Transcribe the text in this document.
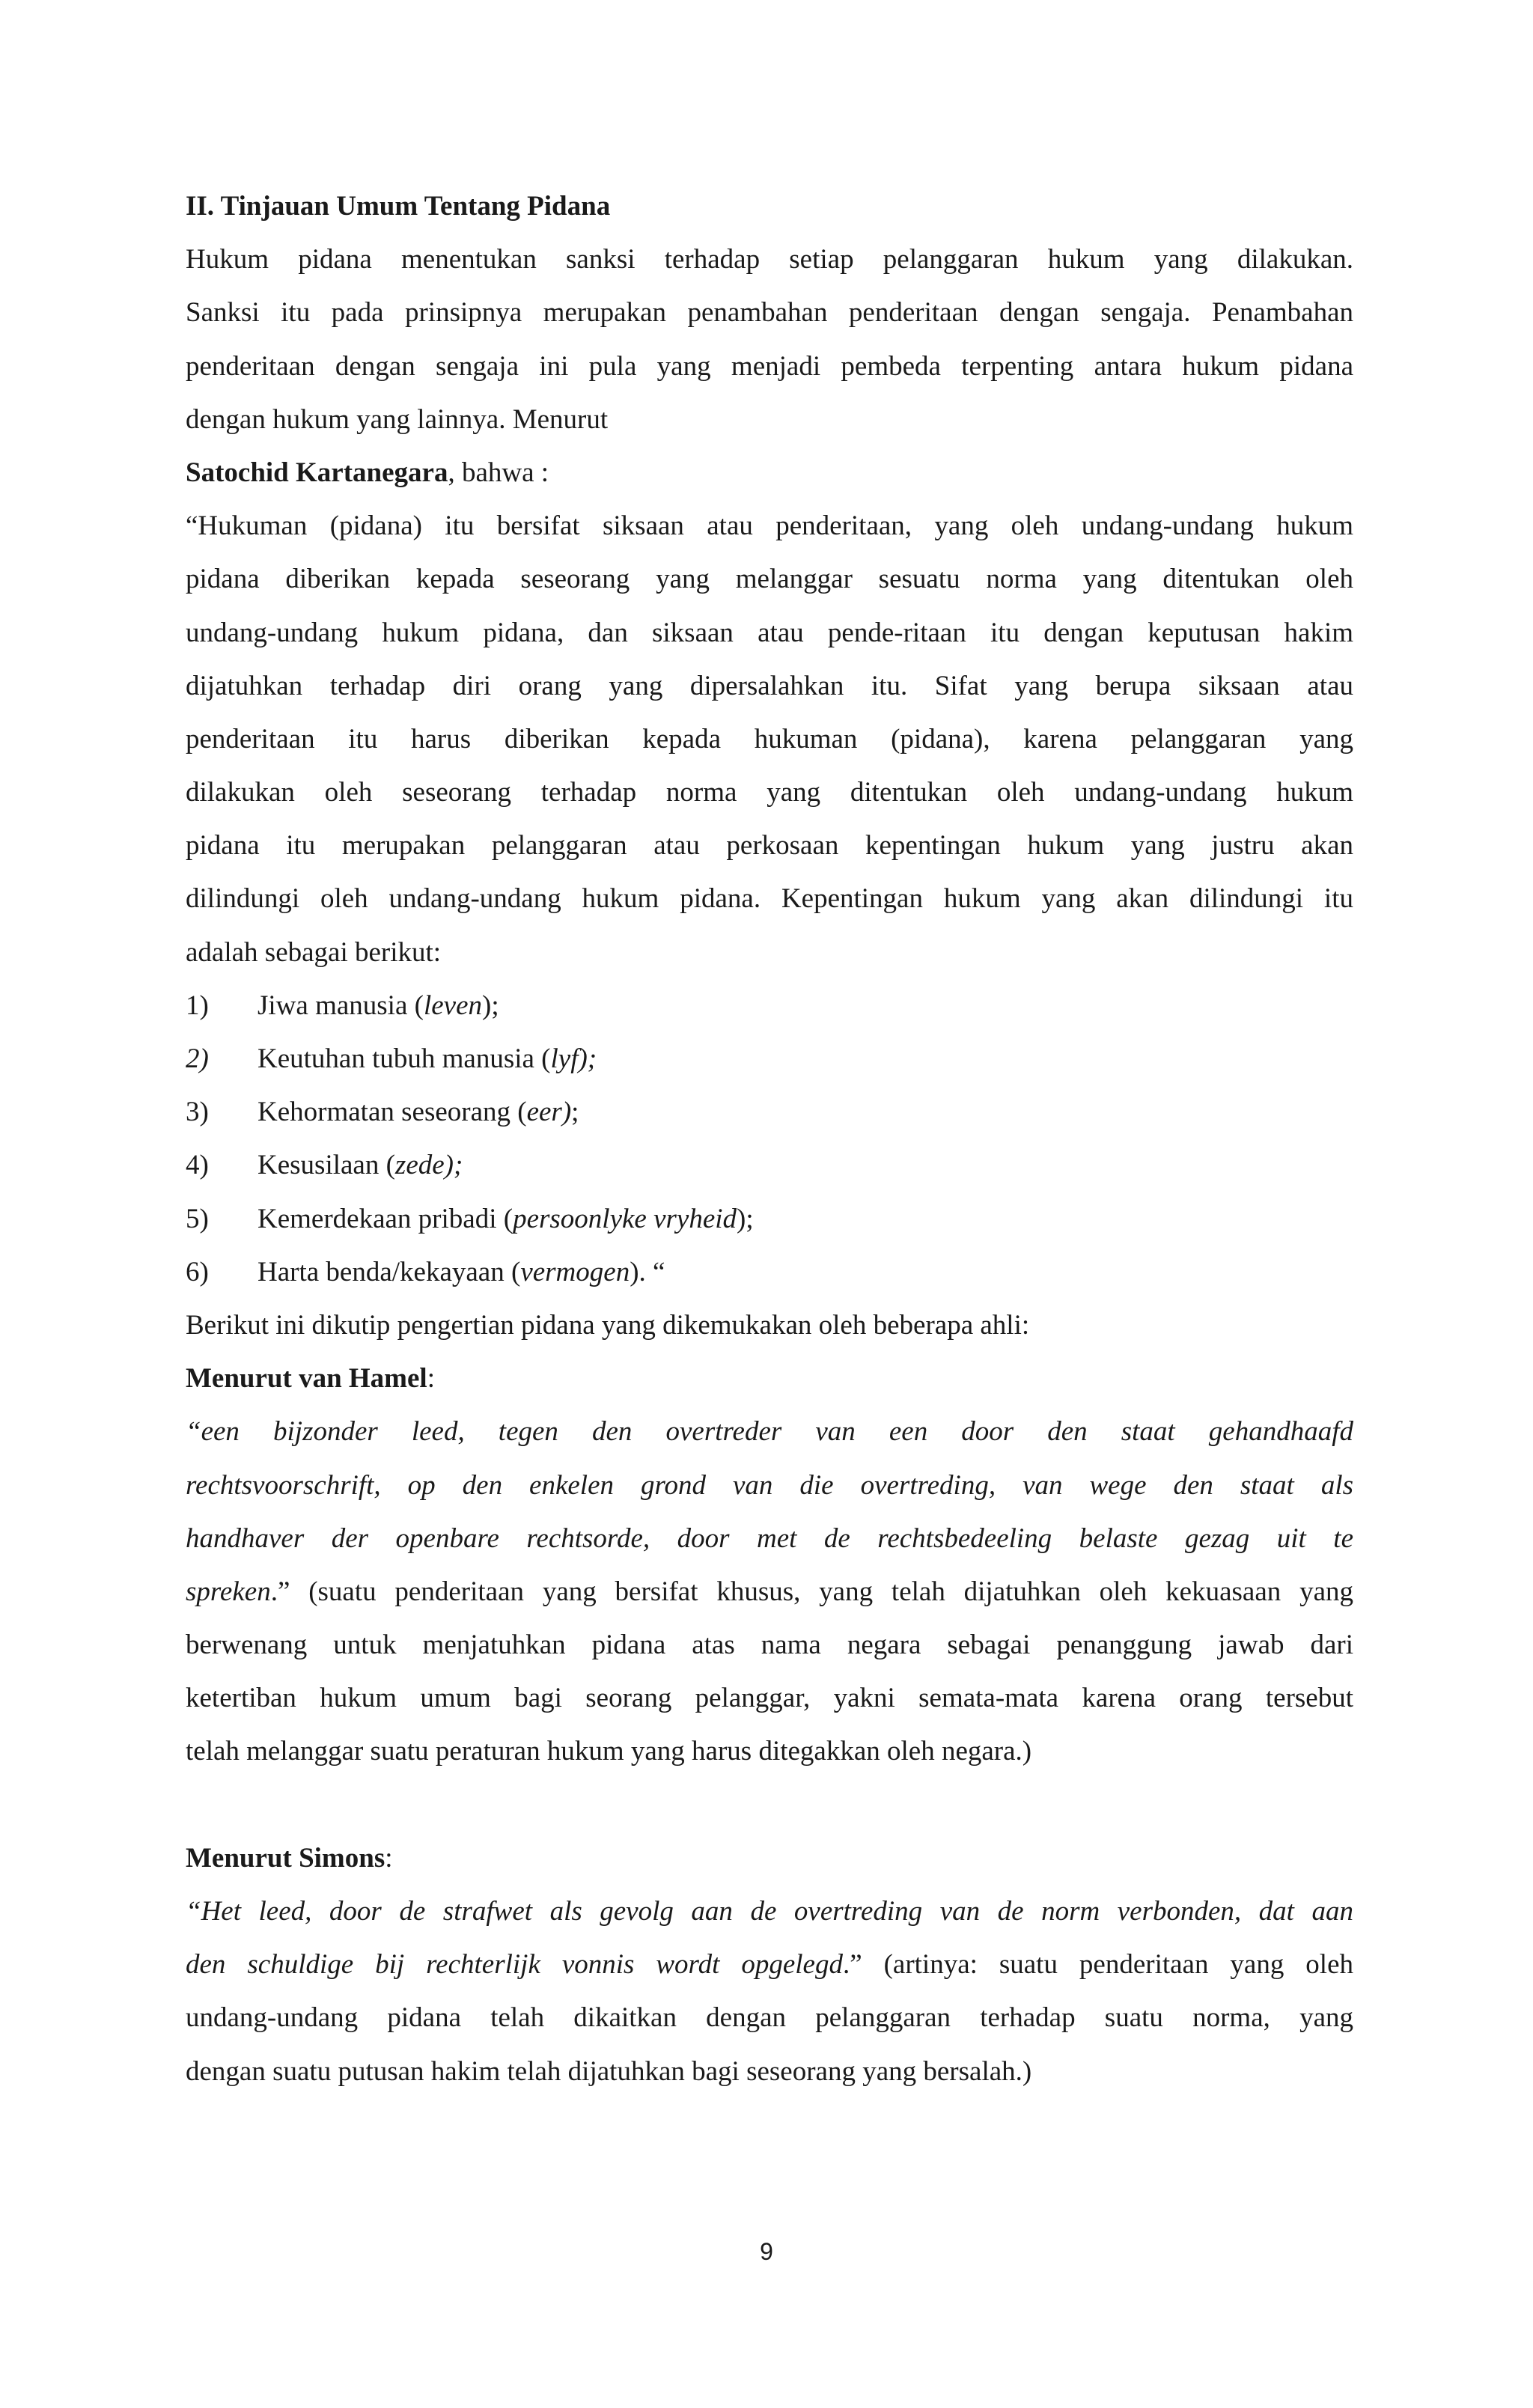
II. Tinjauan Umum Tentang Pidana
Hukum pidana menentukan sanksi terhadap setiap pelanggaran hukum yang dilakukan.
Sanksi itu pada prinsipnya merupakan penambahan penderitaan dengan sengaja. Penambahan
penderitaan dengan sengaja ini pula yang menjadi pembeda terpenting antara hukum pidana
dengan hukum yang lainnya. Menurut
Satochid Kartanegara, bahwa :
“Hukuman (pidana) itu bersifat siksaan atau penderitaan, yang oleh undang-undang hukum
pidana diberikan kepada seseorang yang melanggar sesuatu norma yang ditentukan oleh
undang-undang hukum pidana, dan siksaan atau pende-ritaan itu dengan keputusan hakim
dijatuhkan terhadap diri orang yang dipersalahkan itu. Sifat yang berupa siksaan atau
penderitaan itu harus diberikan kepada hukuman (pidana), karena pelanggaran yang
dilakukan oleh seseorang terhadap norma yang ditentukan oleh undang-undang hukum
pidana itu merupakan pelanggaran atau perkosaan kepentingan hukum yang justru akan
dilindungi oleh undang-undang hukum pidana. Kepentingan hukum yang akan dilindungi itu
adalah sebagai berikut:
1) Jiwa manusia (leven);
2) Keutuhan tubuh manusia (lyf);
3) Kehormatan seseorang (eer);
4) Kesusilaan (zede);
5) Kemerdekaan pribadi (persoonlyke vryheid);
6) Harta benda/kekayaan (vermogen). “
Berikut ini dikutip pengertian pidana yang dikemukakan oleh beberapa ahli:
Menurut van Hamel:
“een bijzonder leed, tegen den overtreder van een door den staat gehandhaafd
rechtsvoorschrift, op den enkelen grond van die overtreding, van wege den staat als
handhaver der openbare rechtsorde, door met de rechtsbedeeling belaste gezag uit te
spreken.” (suatu penderitaan yang bersifat khusus, yang telah dijatuhkan oleh kekuasaan yang
berwenang untuk menjatuhkan pidana atas nama negara sebagai penanggung jawab dari
ketertiban hukum umum bagi seorang pelanggar, yakni semata-mata karena orang tersebut
telah melanggar suatu peraturan hukum yang harus ditegakkan oleh negara.)
Menurut Simons:
“Het leed, door de strafwet als gevolg aan de overtreding van de norm verbonden, dat aan
den schuldige bij rechterlijk vonnis wordt opgelegd.” (artinya: suatu penderitaan yang oleh
undang-undang pidana telah dikaitkan dengan pelanggaran terhadap suatu norma, yang
dengan suatu putusan hakim telah dijatuhkan bagi seseorang yang bersalah.)
9
